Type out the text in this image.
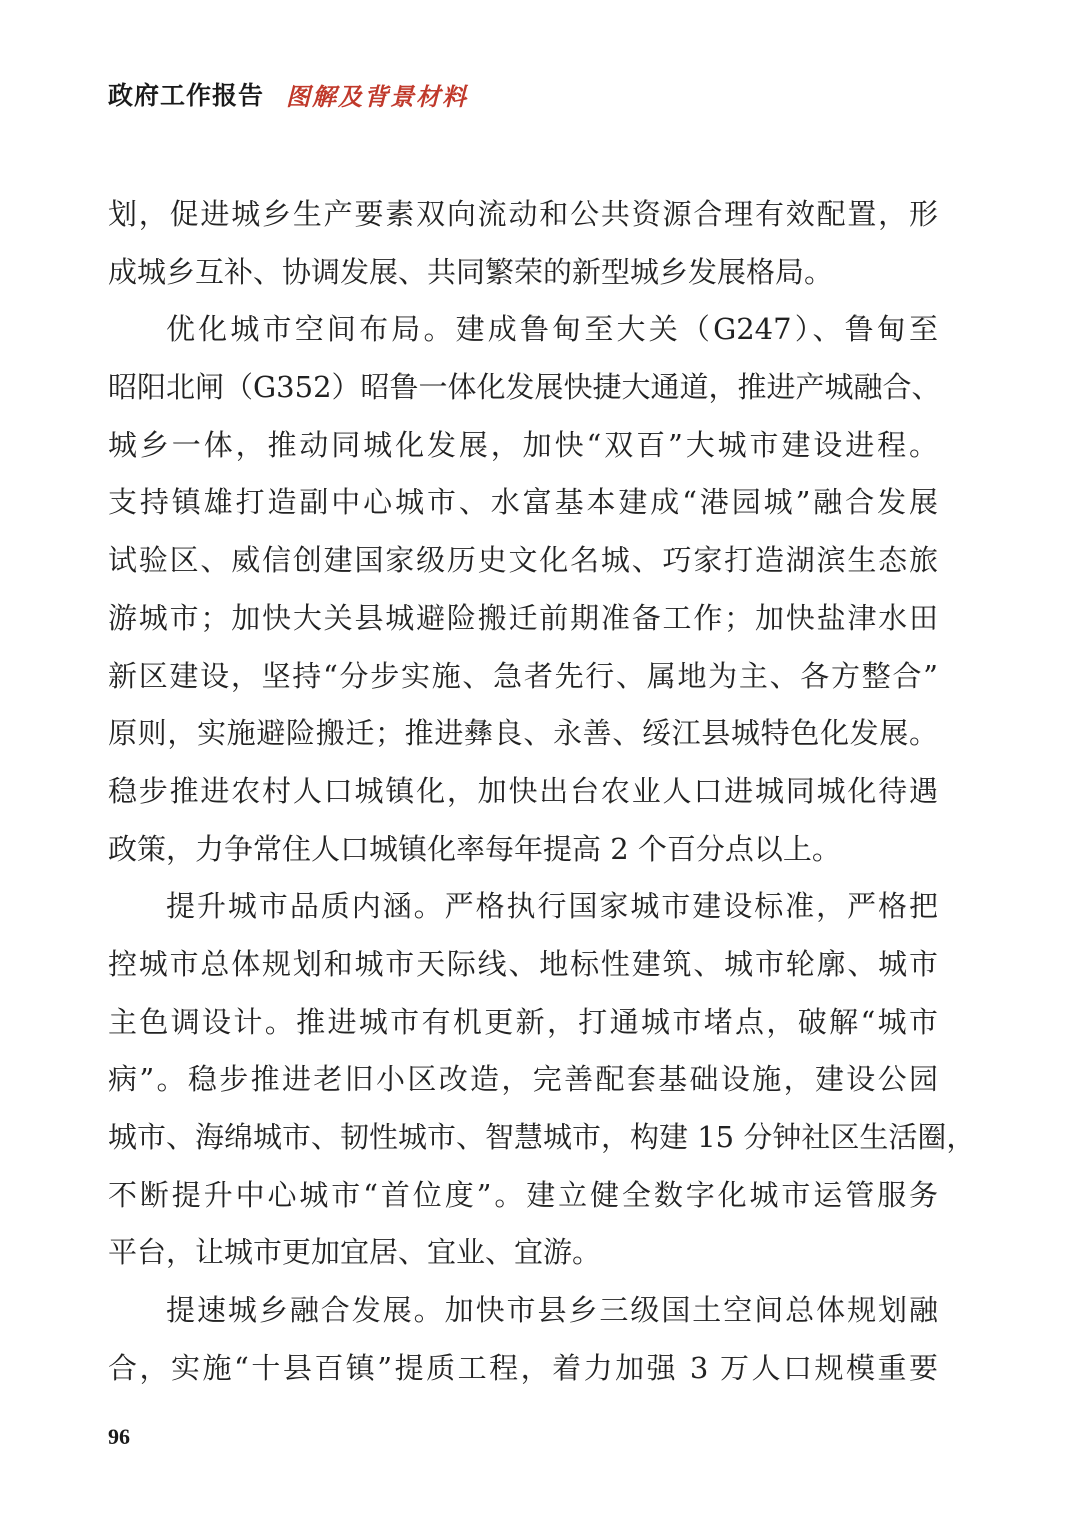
政府工作报告 图解及背景材料
划，促进城乡生产要素双向流动和公共资源合理有效配置，形
成城乡互补、协调发展、共同繁荣的新型城乡发展格局。
优化城市空间布局。建成鲁甸至大关（G247）、鲁甸至
昭阳北闸（G352）昭鲁一体化发展快捷大通道，推进产城融合、
城乡一体，推动同城化发展，加快“双百”大城市建设进程。
支持镇雄打造副中心城市、水富基本建成“港园城”融合发展
试验区、威信创建国家级历史文化名城、巧家打造湖滨生态旅
游城市；加快大关县城避险搬迁前期准备工作；加快盐津水田
新区建设，坚持“分步实施、急者先行、属地为主、各方整合”
原则，实施避险搬迁；推进彝良、永善、绥江县城特色化发展。
稳步推进农村人口城镇化，加快出台农业人口进城同城化待遇
政策，力争常住人口城镇化率每年提高 2 个百分点以上。
提升城市品质内涵。严格执行国家城市建设标准，严格把
控城市总体规划和城市天际线、地标性建筑、城市轮廓、城市
主色调设计。推进城市有机更新，打通城市堵点，破解“城市
病”。稳步推进老旧小区改造，完善配套基础设施，建设公园
城市、海绵城市、韧性城市、智慧城市，构建 15 分钟社区生活圈，
不断提升中心城市“首位度”。建立健全数字化城市运管服务
平台，让城市更加宜居、宜业、宜游。
提速城乡融合发展。加快市县乡三级国土空间总体规划融
合，实施“十县百镇”提质工程，着力加强 3 万人口规模重要
96
